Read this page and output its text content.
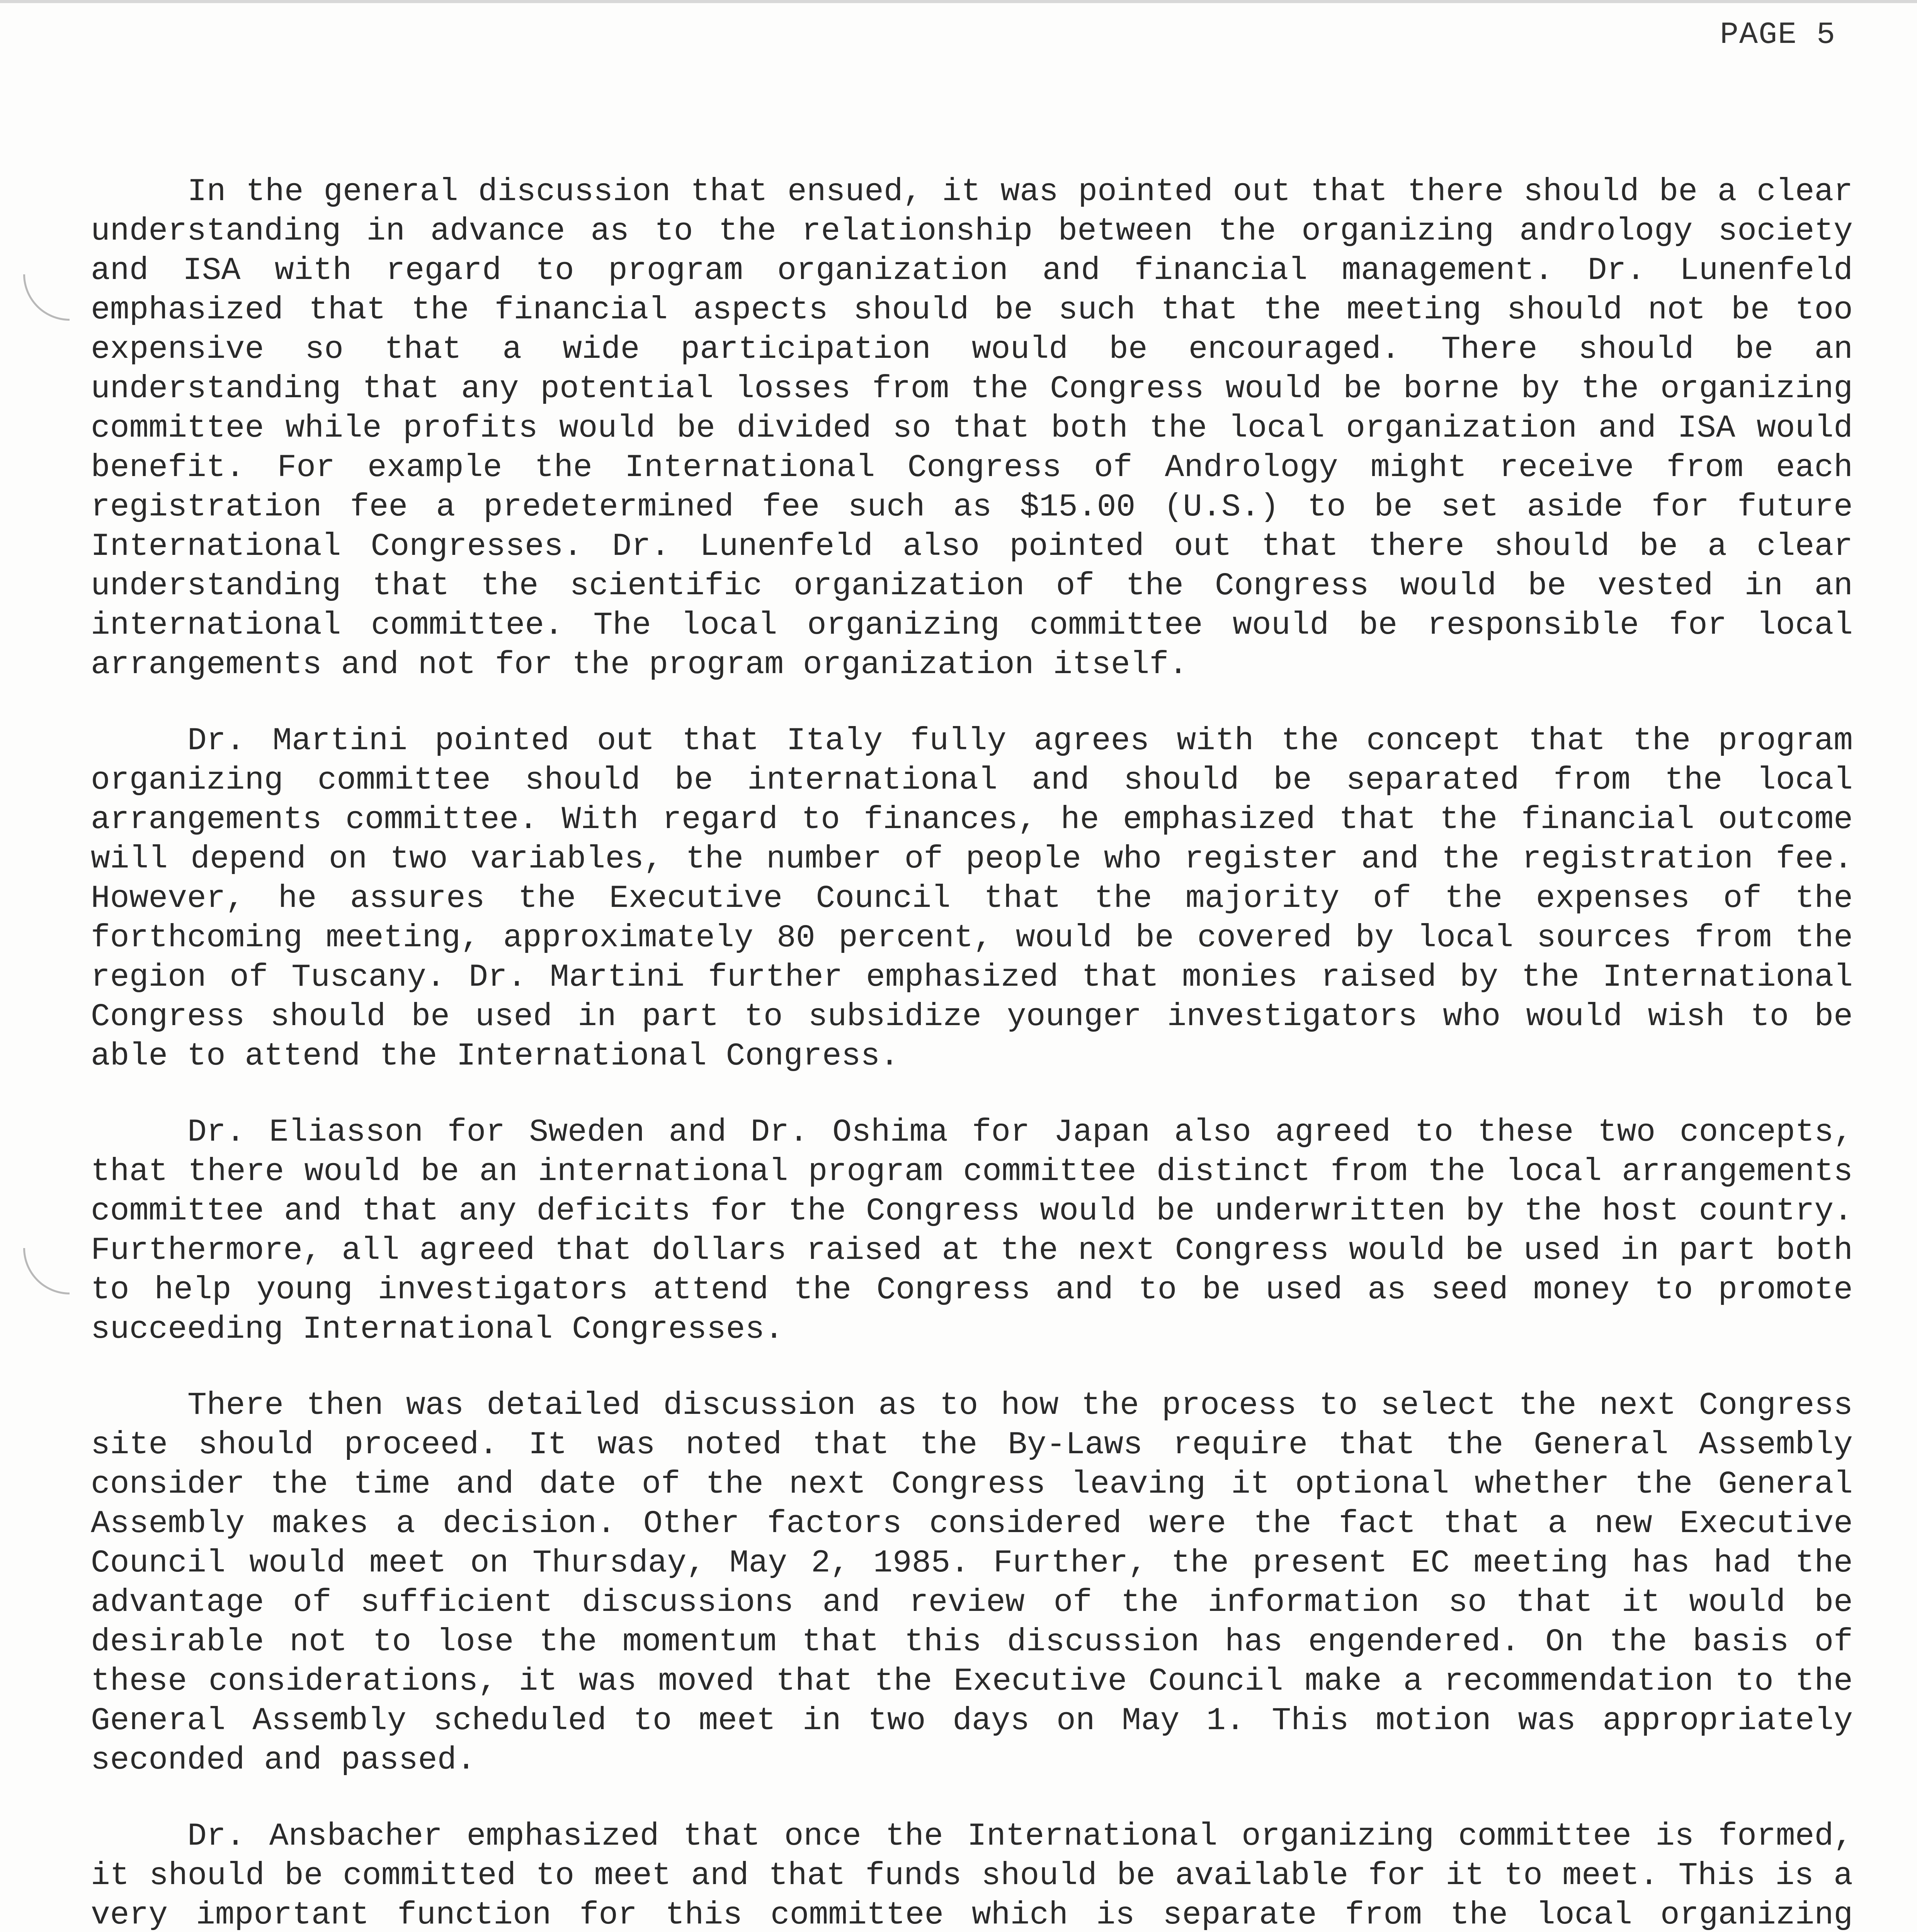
PAGE 5

In the general discussion that ensued, it was pointed out that there should be a clear understanding in advance as to the relationship between the organizing andrology society and ISA with regard to program organization and financial management. Dr. Lunenfeld emphasized that the financial aspects should be such that the meeting should not be too expensive so that a wide participation would be encouraged. There should be an understanding that any potential losses from the Congress would be borne by the organizing committee while profits would be divided so that both the local organization and ISA would benefit. For example the International Congress of Andrology might receive from each registration fee a predetermined fee such as $15.00 (U.S.) to be set aside for future International Congresses. Dr. Lunenfeld also pointed out that there should be a clear understanding that the scientific organization of the Congress would be vested in an international committee. The local organizing committee would be responsible for local arrangements and not for the program organization itself.

Dr. Martini pointed out that Italy fully agrees with the concept that the program organizing committee should be international and should be separated from the local arrangements committee. With regard to finances, he emphasized that the financial outcome will depend on two variables, the number of people who register and the registration fee. However, he assures the Executive Council that the majority of the expenses of the forthcoming meeting, approximately 80 percent, would be covered by local sources from the region of Tuscany. Dr. Martini further emphasized that monies raised by the International Congress should be used in part to subsidize younger investigators who would wish to be able to attend the International Congress.

Dr. Eliasson for Sweden and Dr. Oshima for Japan also agreed to these two concepts, that there would be an international program committee distinct from the local arrangements committee and that any deficits for the Congress would be underwritten by the host country. Furthermore, all agreed that dollars raised at the next Congress would be used in part both to help young investigators attend the Congress and to be used as seed money to promote succeeding International Congresses.

There then was detailed discussion as to how the process to select the next Congress site should proceed. It was noted that the By-Laws require that the General Assembly consider the time and date of the next Congress leaving it optional whether the General Assembly makes a decision. Other factors considered were the fact that a new Executive Council would meet on Thursday, May 2, 1985. Further, the present EC meeting has had the advantage of sufficient discussions and review of the information so that it would be desirable not to lose the momentum that this discussion has engendered. On the basis of these considerations, it was moved that the Executive Council make a recommendation to the General Assembly scheduled to meet in two days on May 1. This motion was appropriately seconded and passed.

Dr. Ansbacher emphasized that once the International organizing committee is formed, it should be committed to meet and that funds should be available for it to meet. This is a very important function for this committee which is separate from the local organizing
